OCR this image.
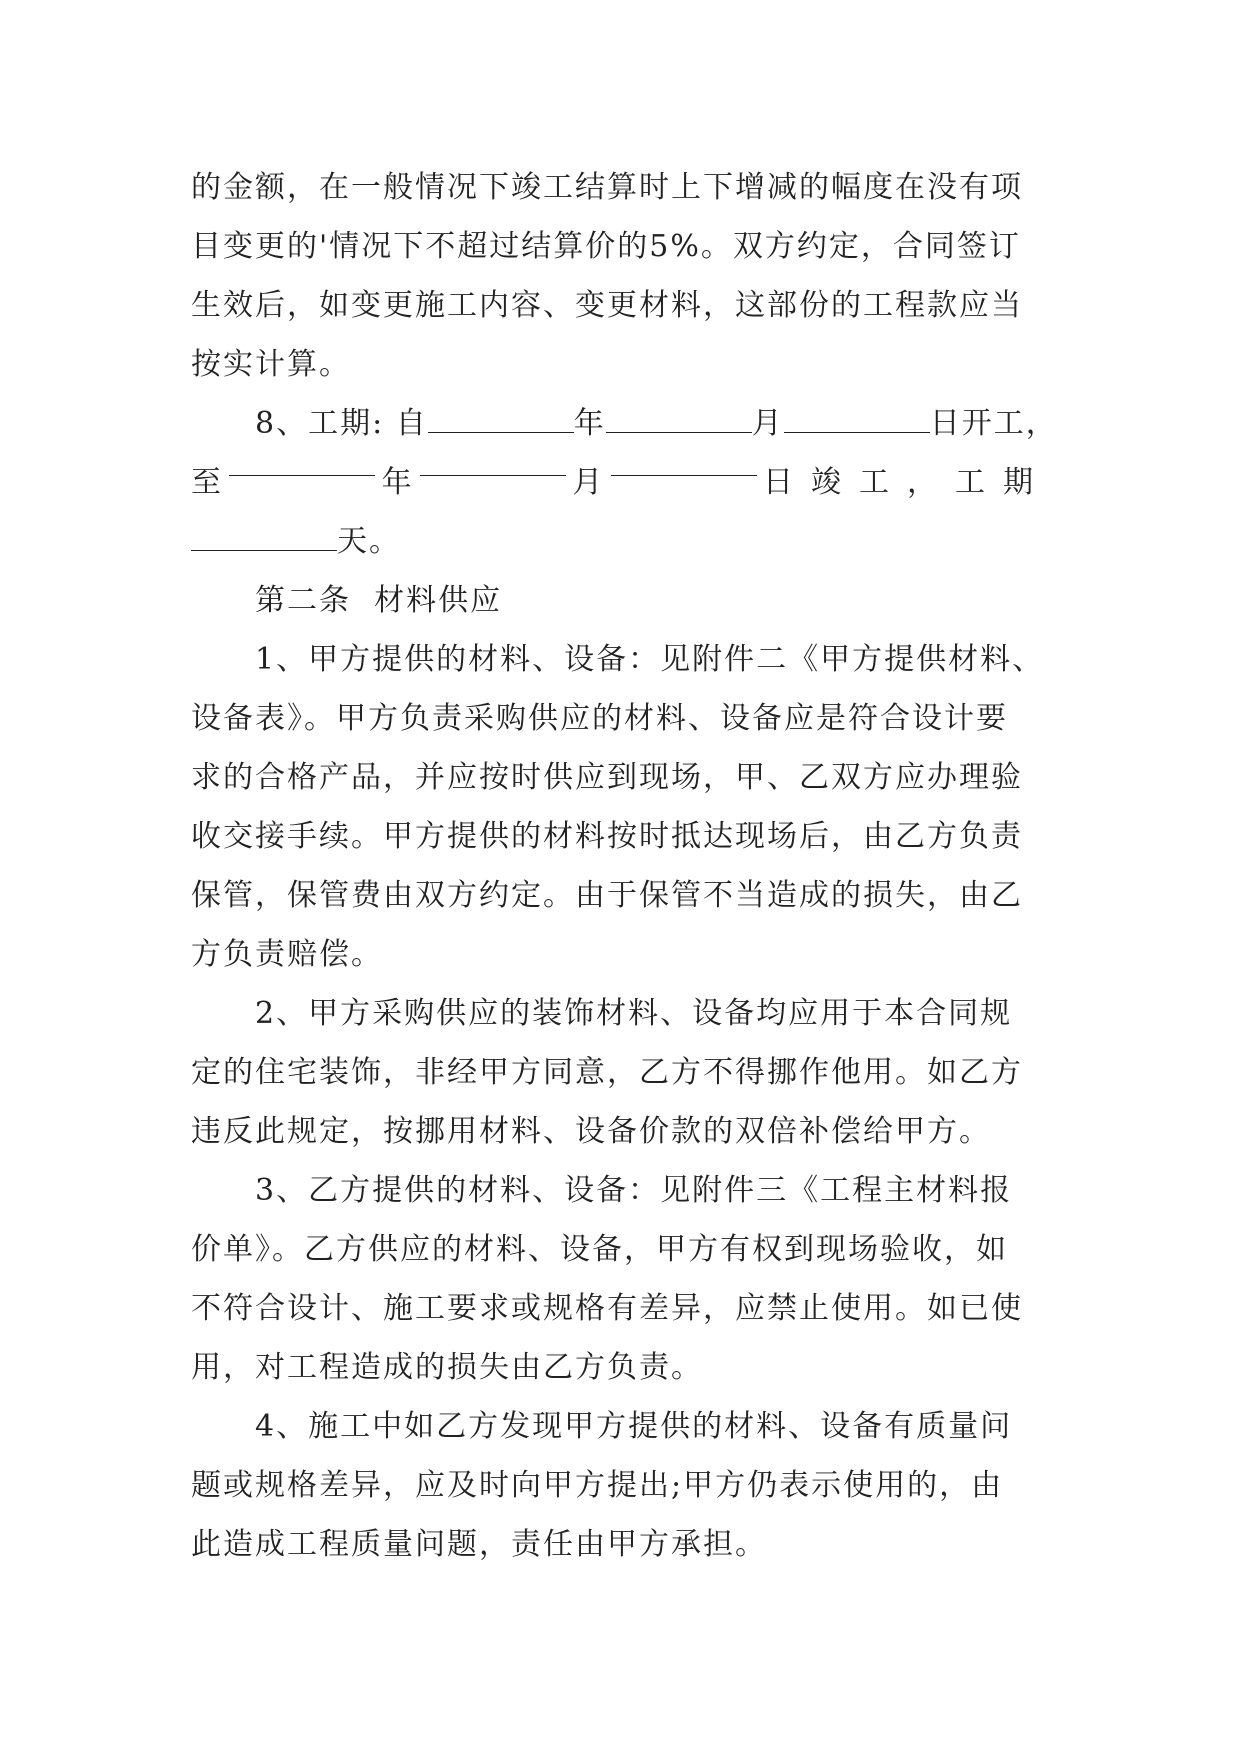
的金额，在一般情况下竣工结算时上下增减的幅度在没有项
目变更的'情况下不超过结算价的5%。双方约定，合同签订
生效后，如变更施工内容、变更材料，这部份的工程款应当
按实计算。
8、工期: 自	年	月	日开工，
至	年	月	日竣工，工期
天。
第二条  材料供应
1、甲方提供的材料、设备：见附件二《甲方提供材料、
设备表》。甲方负责采购供应的材料、设备应是符合设计要
求的合格产品，并应按时供应到现场，甲、乙双方应办理验
收交接手续。甲方提供的材料按时抵达现场后，由乙方负责
保管，保管费由双方约定。由于保管不当造成的损失，由乙
方负责赔偿。
2、甲方采购供应的装饰材料、设备均应用于本合同规
定的住宅装饰，非经甲方同意，乙方不得挪作他用。如乙方
违反此规定，按挪用材料、设备价款的双倍补偿给甲方。
3、乙方提供的材料、设备：见附件三《工程主材料报
价单》。乙方供应的材料、设备，甲方有权到现场验收，如
不符合设计、施工要求或规格有差异，应禁止使用。如已使
用，对工程造成的损失由乙方负责。
4、施工中如乙方发现甲方提供的材料、设备有质量问
题或规格差异，应及时向甲方提出;甲方仍表示使用的，由
此造成工程质量问题，责任由甲方承担。
